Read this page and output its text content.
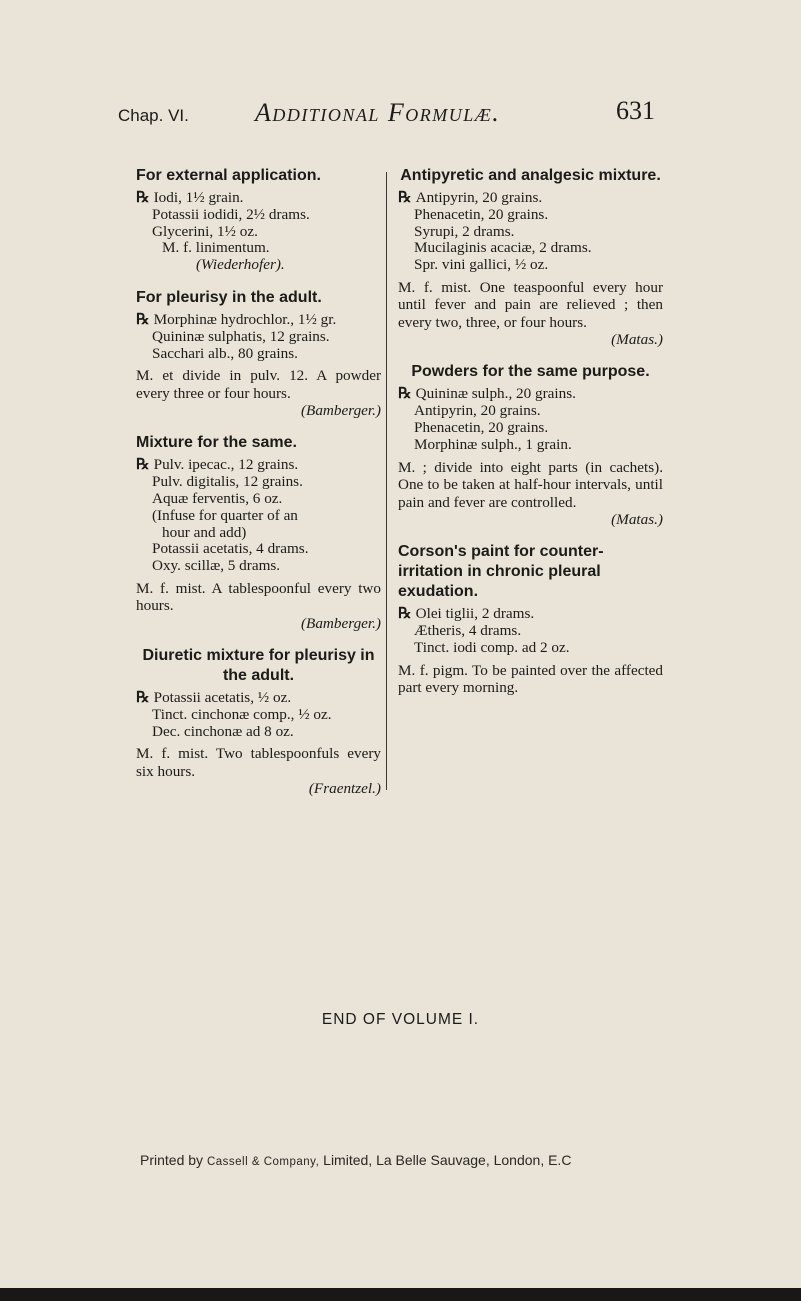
Chap. VI.	Additional Formulæ.	631
For external application.
℞ Iodi, 1½ grain.
Potassii iodidi, 2½ drams.
Glycerini, 1½ oz.
M. f. linimentum.
(Wiederhofer).
For pleurisy in the adult.
℞ Morphinæ hydrochlor., 1½ gr.
Quininæ sulphatis, 12 grains.
Sacchari alb., 80 grains.
M. et divide in pulv. 12. A powder every three or four hours.
(Bamberger.)
Mixture for the same.
℞ Pulv. ipecac., 12 grains.
Pulv. digitalis, 12 grains.
Aquæ ferventis, 6 oz.
(Infuse for quarter of an
hour and add)
Potassii acetatis, 4 drams.
Oxy. scillæ, 5 drams.
M. f. mist. A tablespoonful every two hours.
(Bamberger.)
Diuretic mixture for pleurisy in the adult.
℞ Potassii acetatis, ½ oz.
Tinct. cinchonæ comp., ½ oz.
Dec. cinchonæ ad 8 oz.
M. f. mist. Two tablespoonfuls every six hours.
(Fraentzel.)
Antipyretic and analgesic mixture.
℞ Antipyrin, 20 grains.
Phenacetin, 20 grains.
Syrupi, 2 drams.
Mucilaginis acaciæ, 2 drams.
Spr. vini gallici, ½ oz.
M. f. mist. One teaspoonful every hour until fever and pain are relieved ; then every two, three, or four hours.
(Matas.)
Powders for the same purpose.
℞ Quininæ sulph., 20 grains.
Antipyrin, 20 grains.
Phenacetin, 20 grains.
Morphinæ sulph., 1 grain.
M. ; divide into eight parts (in cachets). One to be taken at half-hour intervals, until pain and fever are controlled.
(Matas.)
Corson's paint for counter-irritation in chronic pleural exudation.
℞ Olei tiglii, 2 drams.
Ætheris, 4 drams.
Tinct. iodi comp. ad 2 oz.
M. f. pigm. To be painted over the affected part every morning.
END OF VOLUME I.
Printed by Cassell & Company, Limited, La Belle Sauvage, London, E.C
